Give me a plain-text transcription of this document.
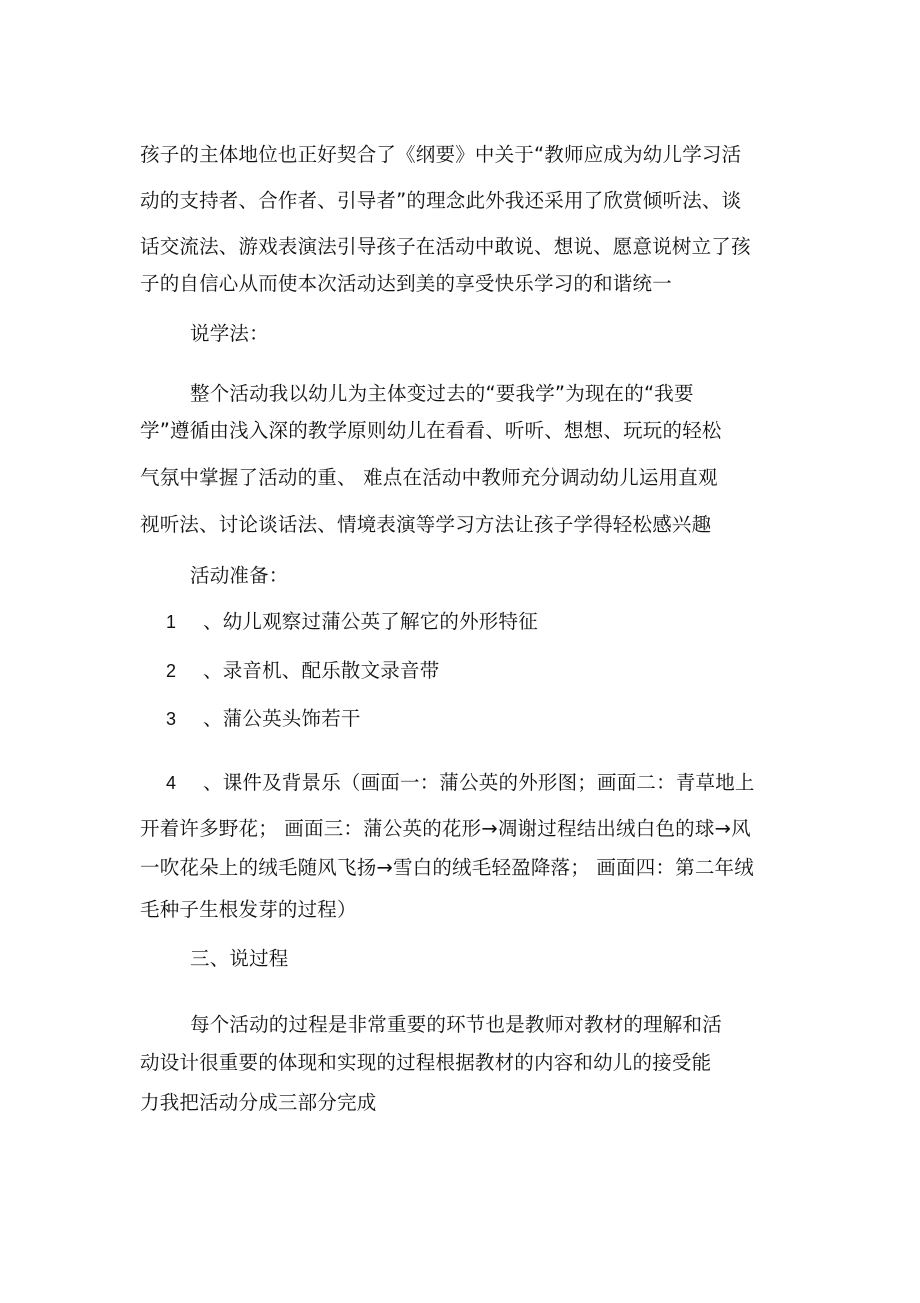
孩子的主体地位也正好契合了《纲要》中关于“教师应成为幼儿学习活
动的支持者、合作者、引导者”的理念此外我还采用了欣赏倾听法、谈
话交流法、游戏表演法引导孩子在活动中敢说、想说、愿意说树立了孩
子的自信心从而使本次活动达到美的享受快乐学习的和谐统一
说学法：
整个活动我以幼儿为主体变过去的“要我学”为现在的“我要
学”遵循由浅入深的教学原则幼儿在看看、听听、想想、玩玩的轻松
气氛中掌握了活动的重、 难点在活动中教师充分调动幼儿运用直观
视听法、讨论谈话法、情境表演等学习方法让孩子学得轻松感兴趣
活动准备：
1 、幼儿观察过蒲公英了解它的外形特征
2 、录音机、配乐散文录音带
3 、蒲公英头饰若干
4 、课件及背景乐（画面一：蒲公英的外形图；画面二：青草地上
开着许多野花； 画面三：蒲公英的花形→凋谢过程结出绒白色的球→风
一吹花朵上的绒毛随风飞扬→雪白的绒毛轻盈降落； 画面四：第二年绒
毛种子生根发芽的过程）
三、说过程
每个活动的过程是非常重要的环节也是教师对教材的理解和活
动设计很重要的体现和实现的过程根据教材的内容和幼儿的接受能
力我把活动分成三部分完成
